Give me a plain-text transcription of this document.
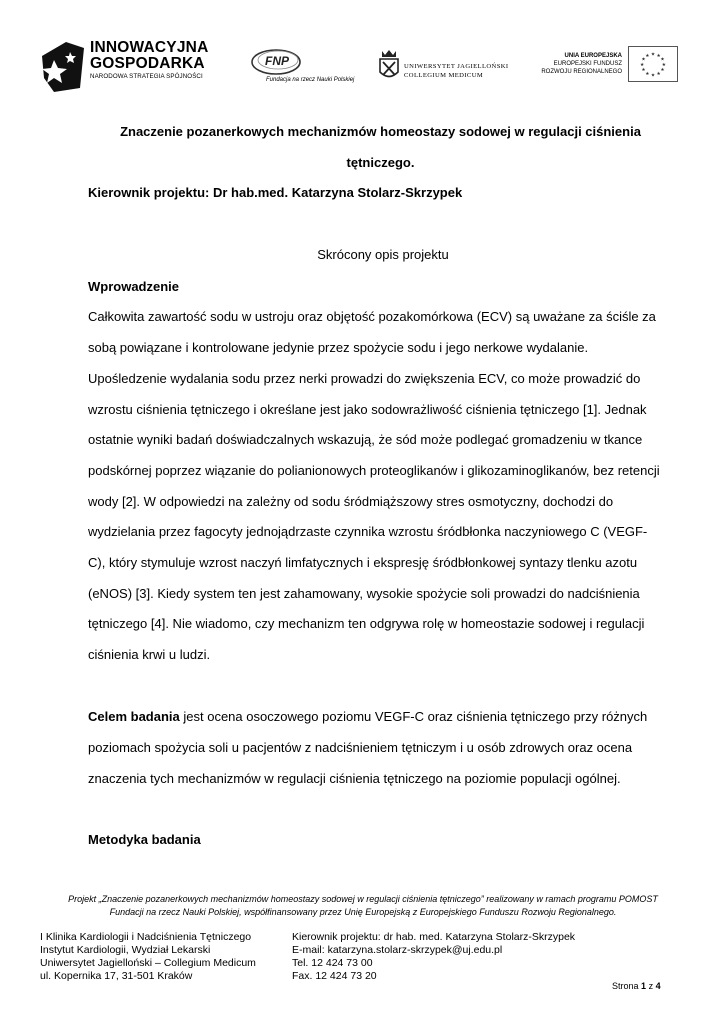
INNOWACYJNA
GOSPODARKA
NARODOWA STRATEGIA SPÓJNOŚCI
FNP
Fundacja na rzecz Nauki Polskiej
UNIWERSYTET JAGIELLOŃSKI
COLLEGIUM MEDICUM
UNIA EUROPEJSKA
EUROPEJSKI FUNDUSZ
ROZWOJU REGIONALNEGO
★ ★
★
★
★
★
★
★
★
★
★
★
Znaczenie pozanerkowych mechanizmów homeostazy sodowej w regulacji ciśnienia
tętniczego.
Kierownik projektu: Dr hab.med. Katarzyna Stolarz-Skrzypek
Skrócony opis projektu
Wprowadzenie
Całkowita zawartość sodu w ustroju oraz objętość pozakomórkowa (ECV) są uważane za ściśle za
sobą powiązane i kontrolowane jedynie przez spożycie sodu i jego nerkowe wydalanie.
Upośledzenie wydalania sodu przez nerki prowadzi do zwiększenia ECV, co może prowadzić do
wzrostu ciśnienia tętniczego i określane jest jako sodowrażliwość ciśnienia tętniczego [1]. Jednak
ostatnie wyniki badań doświadczalnych wskazują, że sód może podlegać gromadzeniu w tkance
podskórnej poprzez wiązanie do polianionowych proteoglikanów i glikozaminoglikanów, bez retencji
wody [2]. W odpowiedzi na zależny od sodu śródmiąższowy stres osmotyczny, dochodzi do
wydzielania przez fagocyty jednojądrzaste czynnika wzrostu śródbłonka naczyniowego C (VEGF-
C), który stymuluje wzrost naczyń limfatycznych i ekspresję śródbłonkowej syntazy tlenku azotu
(eNOS) [3]. Kiedy system ten jest zahamowany, wysokie spożycie soli prowadzi do nadciśnienia
tętniczego [4]. Nie wiadomo, czy mechanizm ten odgrywa rolę w homeostazie sodowej i regulacji
ciśnienia krwi u ludzi.
Celem badania jest ocena osoczowego poziomu VEGF-C oraz ciśnienia tętniczego przy różnych
poziomach spożycia soli u pacjentów z nadciśnieniem tętniczym i u osób zdrowych oraz ocena
znaczenia tych mechanizmów w regulacji ciśnienia tętniczego na poziomie populacji ogólnej.
Metodyka badania
Projekt „Znaczenie pozanerkowych mechanizmów homeostazy sodowej w regulacji ciśnienia tętniczego” realizowany w ramach programu POMOST
Fundacji na rzecz Nauki Polskiej, współfinansowany przez Unię Europejską z Europejskiego Funduszu Rozwoju Regionalnego.
I Klinika Kardiologii i Nadciśnienia Tętniczego
Instytut Kardiologii, Wydział Lekarski
Uniwersytet Jagielloński – Collegium Medicum
ul. Kopernika 17, 31-501 Kraków
Kierownik projektu: dr hab. med. Katarzyna Stolarz-Skrzypek
E-mail: katarzyna.stolarz-skrzypek@uj.edu.pl
Tel. 12 424 73 00
Fax. 12 424 73 20
Strona 1 z 4
